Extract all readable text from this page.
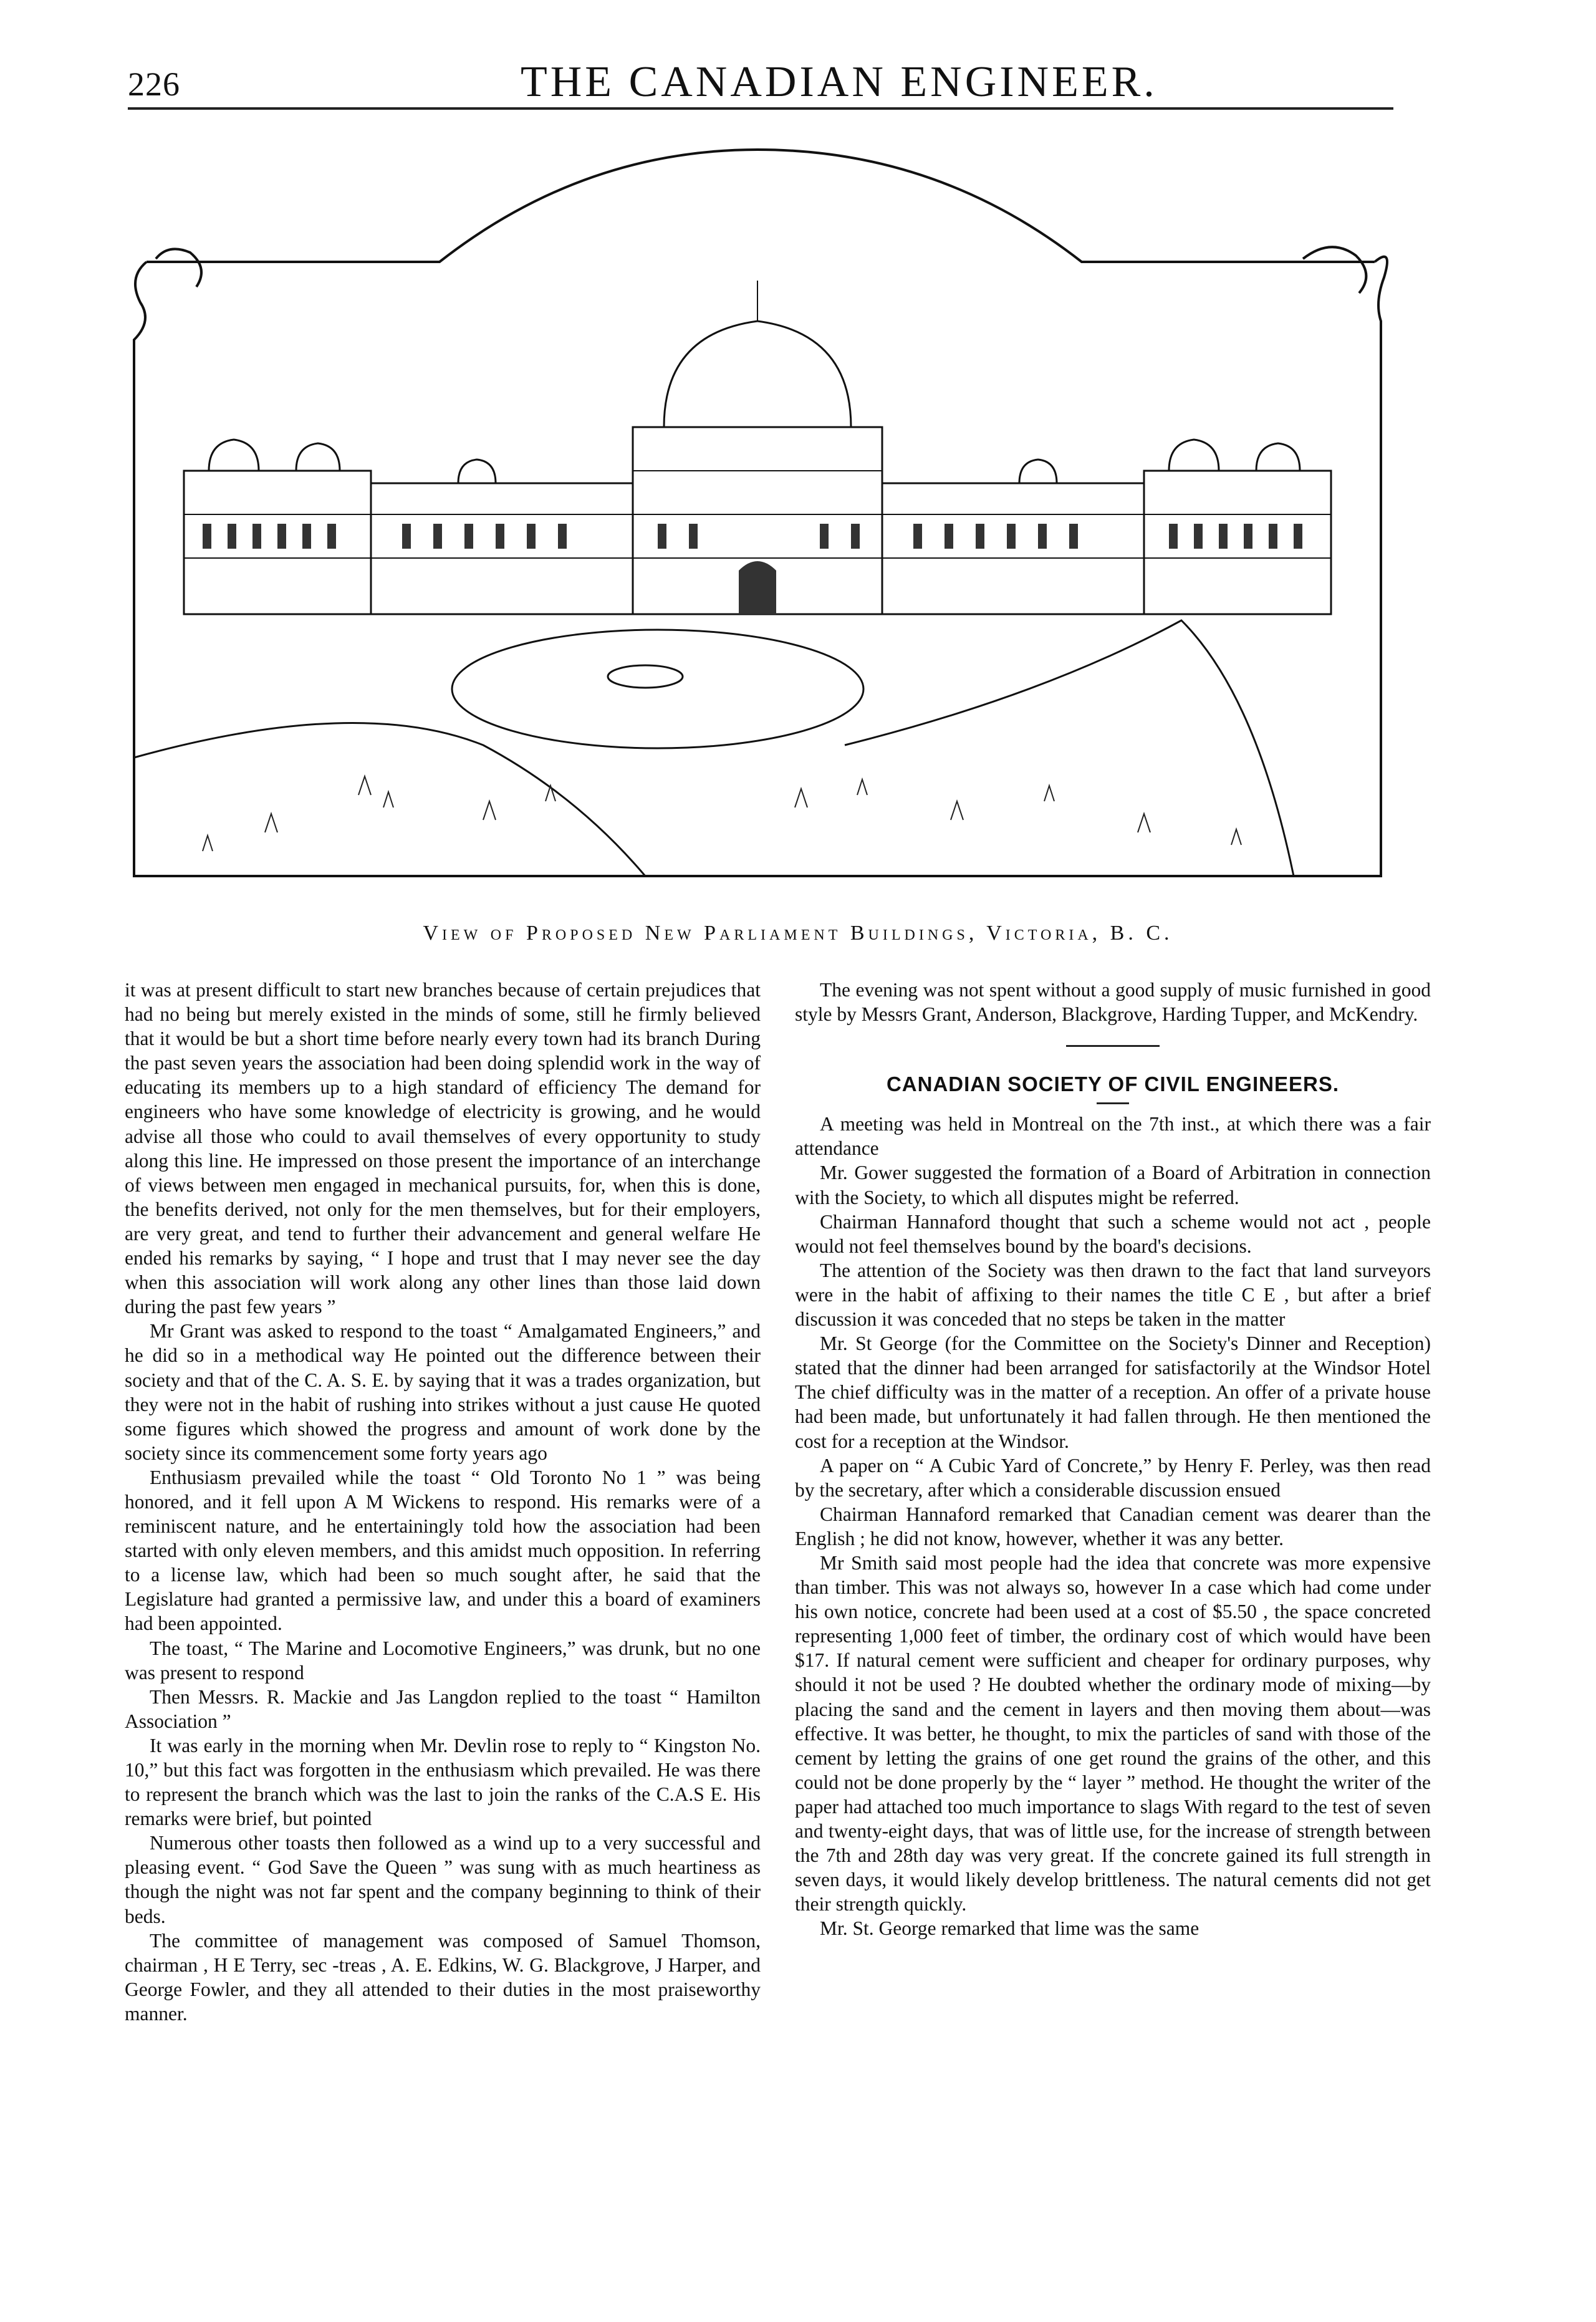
226	THE CANADIAN ENGINEER.
View of Proposed New Parliament Buildings, Victoria, B. C.

it was at present difficult to start new branches because of certain prejudices that had no being but merely existed in the minds of some, still he firmly believed that it would be but a short time before nearly every town had its branch During the past seven years the association had been doing splendid work in the way of educating its members up to a high standard of efficiency The demand for engineers who have some knowledge of electricity is growing, and he would advise all those who could to avail themselves of every opportunity to study along this line. He impressed on those present the importance of an interchange of views between men engaged in mechanical pursuits, for, when this is done, the benefits derived, not only for the men themselves, but for their employers, are very great, and tend to further their advancement and general welfare He ended his remarks by saying, “ I hope and trust that I may never see the day when this association will work along any other lines than those laid down during the past few years ”

Mr Grant was asked to respond to the toast “ Amalgamated Engineers,” and he did so in a methodical way He pointed out the difference between their society and that of the C. A. S. E. by saying that it was a trades organization, but they were not in the habit of rushing into strikes without a just cause He quoted some figures which showed the progress and amount of work done by the society since its commencement some forty years ago

Enthusiasm prevailed while the toast “ Old Toronto No 1 ” was being honored, and it fell upon A M Wickens to respond. His remarks were of a reminiscent nature, and he entertainingly told how the association had been started with only eleven members, and this amidst much opposition. In referring to a license law, which had been so much sought after, he said that the Legislature had granted a permissive law, and under this a board of examiners had been appointed.

The toast, “ The Marine and Locomotive Engineers,” was drunk, but no one was present to respond

Then Messrs. R. Mackie and Jas Langdon replied to the toast “ Hamilton Association ”

It was early in the morning when Mr. Devlin rose to reply to “ Kingston No. 10,” but this fact was forgotten in the enthusiasm which prevailed. He was there to represent the branch which was the last to join the ranks of the C.A.S E. His remarks were brief, but pointed

Numerous other toasts then followed as a wind up to a very successful and pleasing event. “ God Save the Queen ” was sung with as much heartiness as though the night was not far spent and the company beginning to think of their beds.

The committee of management was composed of Samuel Thomson, chairman , H E Terry, sec -treas , A. E. Edkins, W. G. Blackgrove, J Harper, and George Fowler, and they all attended to their duties in the most praiseworthy manner.

The evening was not spent without a good supply of music furnished in good style by Messrs Grant, Anderson, Blackgrove, Harding Tupper, and McKendry.

CANADIAN SOCIETY OF CIVIL ENGINEERS.

A meeting was held in Montreal on the 7th inst., at which there was a fair attendance

Mr. Gower suggested the formation of a Board of Arbitration in connection with the Society, to which all disputes might be referred.

Chairman Hannaford thought that such a scheme would not act , people would not feel themselves bound by the board's decisions.

The attention of the Society was then drawn to the fact that land surveyors were in the habit of affixing to their names the title C E , but after a brief discussion it was conceded that no steps be taken in the matter

Mr. St George (for the Committee on the Society's Dinner and Reception) stated that the dinner had been arranged for satisfactorily at the Windsor Hotel The chief difficulty was in the matter of a reception. An offer of a private house had been made, but unfortunately it had fallen through. He then mentioned the cost for a reception at the Windsor.

A paper on “ A Cubic Yard of Concrete,” by Henry F. Perley, was then read by the secretary, after which a considerable discussion ensued

Chairman Hannaford remarked that Canadian cement was dearer than the English ; he did not know, however, whether it was any better.

Mr Smith said most people had the idea that concrete was more expensive than timber. This was not always so, however In a case which had come under his own notice, concrete had been used at a cost of $5.50 , the space concreted representing 1,000 feet of timber, the ordinary cost of which would have been $17. If natural cement were sufficient and cheaper for ordinary purposes, why should it not be used ? He doubted whether the ordinary mode of mixing—by placing the sand and the cement in layers and then moving them about—was effective. It was better, he thought, to mix the particles of sand with those of the cement by letting the grains of one get round the grains of the other, and this could not be done properly by the “ layer ” method. He thought the writer of the paper had attached too much importance to slags With regard to the test of seven and twenty-eight days, that was of little use, for the increase of strength between the 7th and 28th day was very great. If the concrete gained its full strength in seven days, it would likely develop brittleness. The natural cements did not get their strength quickly.

Mr. St. George remarked that lime was the same
